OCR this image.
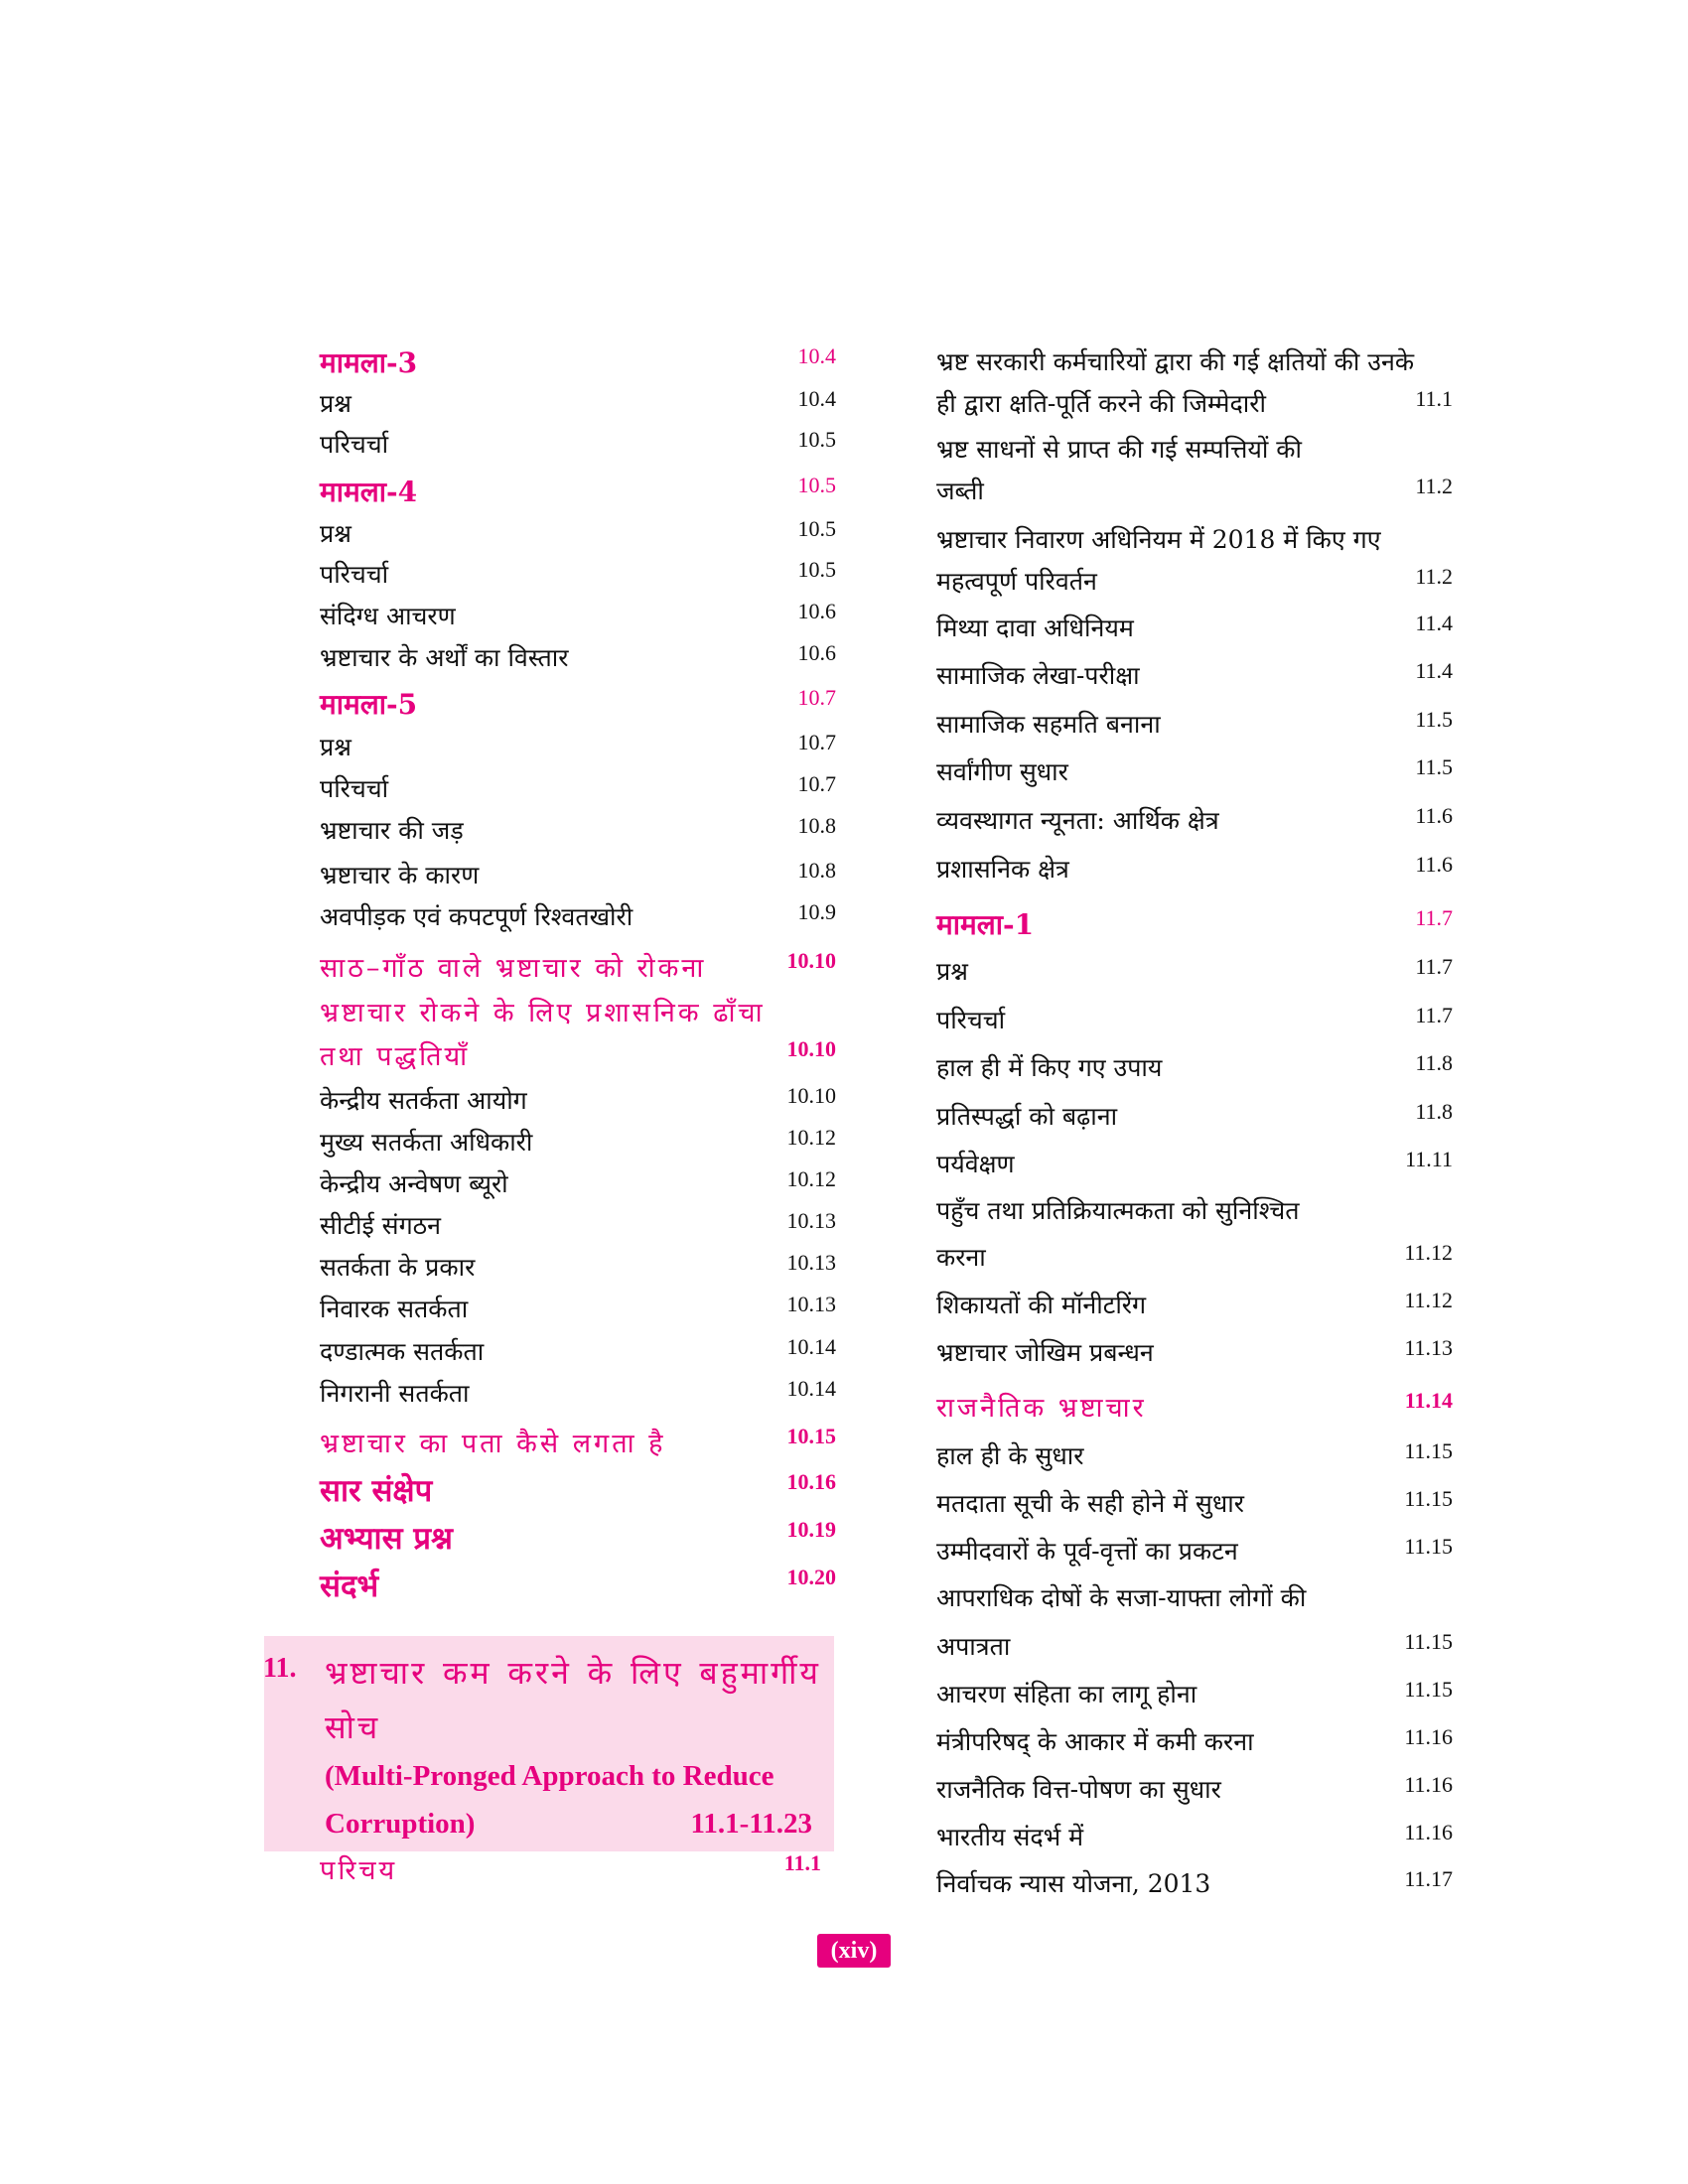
मामला-3	10.4
प्रश्न	10.4
परिचर्चा	10.5
मामला-4	10.5
प्रश्न	10.5
परिचर्चा	10.5
संदिग्ध आचरण	10.6
भ्रष्टाचार के अर्थों का विस्तार	10.6
मामला-5	10.7
प्रश्न	10.7
परिचर्चा	10.7
भ्रष्टाचार की जड़	10.8
भ्रष्टाचार के कारण	10.8
अवपीड़क एवं कपटपूर्ण रिश्वतखोरी	10.9
साठ–गाँठ वाले भ्रष्टाचार को रोकना	10.10
भ्रष्टाचार रोकने के लिए प्रशासनिक ढाँचा
तथा पद्धतियाँ	10.10
केन्द्रीय सतर्कता आयोग	10.10
मुख्य सतर्कता अधिकारी	10.12
केन्द्रीय अन्वेषण ब्यूरो	10.12
सीटीई संगठन	10.13
सतर्कता के प्रकार	10.13
निवारक सतर्कता	10.13
दण्डात्मक सतर्कता	10.14
निगरानी सतर्कता	10.14
भ्रष्टाचार का पता कैसे लगता है	10.15
सार संक्षेप	10.16
अभ्यास प्रश्न	10.19
संदर्भ	10.20
भ्रष्ट सरकारी कर्मचारियों द्वारा की गई क्षतियों की उनके
ही द्वारा क्षति-पूर्ति करने की जिम्मेदारी	11.1
भ्रष्ट साधनों से प्राप्त की गई सम्पत्तियों की
जब्ती	11.2
भ्रष्टाचार निवारण अधिनियम में 2018 में किए गए
महत्वपूर्ण परिवर्तन	11.2
मिथ्या दावा अधिनियम	11.4
सामाजिक लेखा-परीक्षा	11.4
सामाजिक सहमति बनाना	11.5
सर्वांगीण सुधार	11.5
व्यवस्थागत न्यूनता: आर्थिक क्षेत्र	11.6
प्रशासनिक क्षेत्र	11.6
मामला-1	11.7
प्रश्न	11.7
परिचर्चा	11.7
हाल ही में किए गए उपाय	11.8
प्रतिस्पर्द्धा को बढ़ाना	11.8
पर्यवेक्षण	11.11
पहुँच तथा प्रतिक्रियात्मकता को सुनिश्चित
करना	11.12
शिकायतों की मॉनीटरिंग	11.12
भ्रष्टाचार जोखिम प्रबन्धन	11.13
राजनैतिक भ्रष्टाचार	11.14
हाल ही के सुधार	11.15
मतदाता सूची के सही होने में सुधार	11.15
उम्मीदवारों के पूर्व-वृत्तों का प्रकटन	11.15
आपराधिक दोषों के सजा-याफ्ता लोगों की
अपात्रता	11.15
आचरण संहिता का लागू होना	11.15
मंत्रीपरिषद् के आकार में कमी करना	11.16
राजनैतिक वित्त-पोषण का सुधार	11.16
भारतीय संदर्भ में	11.16
निर्वाचक न्यास योजना, 2013	11.17
11. भ्रष्टाचार कम करने के लिए बहुमार्गीय सोच
(Multi-Pronged Approach to Reduce Corruption)	11.1-11.23
परिचय	11.1
(xiv)
